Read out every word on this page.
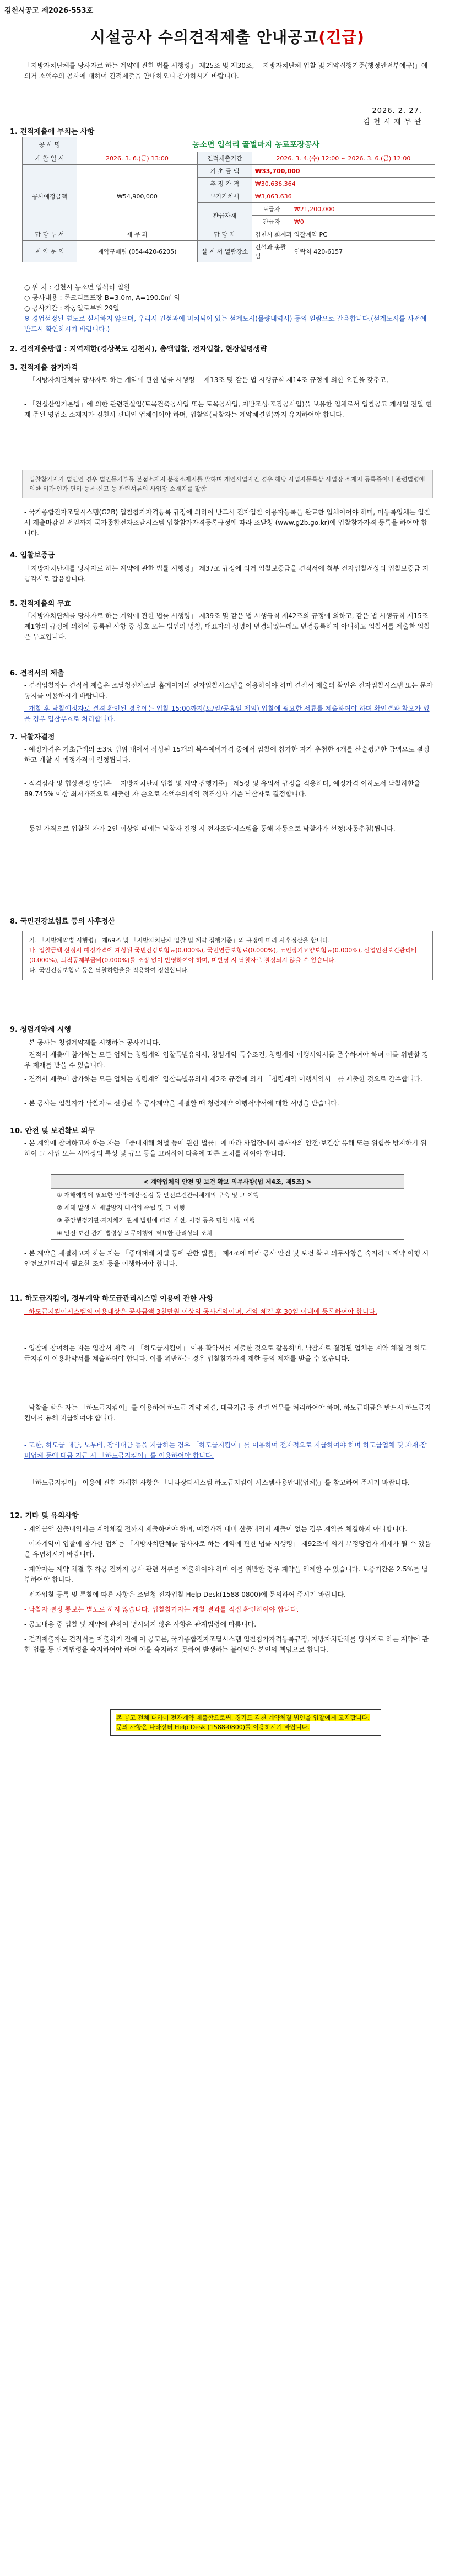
김천시공고 제2026-553호
시설공사 수의견적제출 안내공고(긴급)
「지방자치단체를 당사자로 하는 계약에 관한 법률 시행령」 제25조 및 제30조, 「지방자치단체 입찰 및 계약집행기준(행정안전부예규)」에 의거 소액수의 공사에 대하여 견적제출을 안내하오니 참가하시기 바랍니다.
2026. 2. 27.
김 천 시 재 무 관
1. 견적제출에 부치는 사항
공 사 명	농소면 입석리 꿀벌마지 농로포장공사			
개 찰 일 시	2026. 3. 6.(금) 13:00	견적제출기간	2026. 3. 4.(수) 12:00 ~ 2026. 3. 6.(금) 12:00	
공사예정금액	₩54,900,000	기 초 금 액	₩33,700,000	
		추 정 가 격	₩30,636,364	
		부가가치세	₩3,063,636	
		관급자재	도급자	₩21,200,000
			관급자	₩0
담 당 부 서	재 무 과	담 당 자	김천시 회계과 입찰계약 PC	
계 약 문 의	계약구매팀 (054-420-6205)	설 계 서 열람장소	건설과 총괄팀	연락처 420-6157
○ 위 치 : 김천시 농소면 입석리 일원
○ 공사내용 : 콘크리트포장 B=3.0m, A=190.0㎥ 외
○ 공사기간 : 착공일로부터 29일
※ 경업설정된 별도로 실시하지 않으며, 우리시 건설과에 비치되어 있는 설계도서(물량내역서) 등의 열람으로 갈음합니다.(설계도서를 사전에 반드시 확인하시기 바랍니다.)
2. 견적제출방법 : 지역제한(경상북도 김천시), 총액입찰, 전자입찰, 현장설명생략
3. 견적제출 참가자격
- 「지방자치단체를 당사자로 하는 계약에 관한 법률 시행령」 제13조 및 같은 법 시행규칙 제14조 규정에 의한 요건을 갖추고,
- 「건설산업기본법」에 의한 관련건설업(토목건축공사업 또는 토목공사업, 지반조성·포장공사업)을 보유한 업체로서 입찰공고 게시일 전일 현재 주된 영업소 소재지가 김천시 관내인 업체이어야 하며, 입찰일(낙찰자는 계약체결일)까지 유지하여야 합니다.
입찰참가자가 법인인 경우 법인등기부등 본점소재지 분점소재지를 말하며 개인사업자인 경우 해당 사업자등록상 사업장 소재지 등록증이나 관련법령에 의한 허가·인가·면허·등록·신고 등 관련서류의 사업장 소재지를 말함
- 국가종합전자조달시스템(G2B) 입찰참가자격등록 규정에 의하여 반드시 전자입찰 이용자등록을 완료한 업체이어야 하며, 미등록업체는 입찰서 제출마감일 전일까지 국가종합전자조달시스템 입찰참가자격등록규정에 따라 조달청 (www.g2b.go.kr)에 입찰참가자격 등록을 하여야 합니다.
4. 입찰보증금
「지방자치단체를 당사자로 하는 계약에 관한 법률 시행령」 제37조 규정에 의거 입찰보증금을 견적서에 첨부 전자입찰서상의 입찰보증금 지급각서로 갈음합니다.
5. 견적제출의 무효
「지방자치단체를 당사자로 하는 계약에 관한 법률 시행령」 제39조 및 같은 법 시행규칙 제42조의 규정에 의하고, 같은 법 시행규칙 제15조 제1항의 규정에 의하여 등록된 사항 중 상호 또는 법인의 명칭, 대표자의 성명이 변경되었는데도 변경등록하지 아니하고 입찰서를 제출한 입찰은 무효입니다.
6. 견적서의 제출
- 견적입찰자는 견적서 제출은 조달청전자조달 홈페이지의 전자입찰시스템을 이용하여야 하며 견적서 제출의 확인은 전자입찰시스템 또는 문자통지를 이용하시기 바랍니다.
- 개찰 후 낙찰예정자로 결격 확인된 경우에는 입찰 15:00까지(토/일/공휴일 제외) 입찰에 필요한 서류를 제출하여야 하며 확인결과 착오가 있을 경우 입찰무효로 처리합니다.
7. 낙찰자결정
- 예정가격은 기초금액의 ±3% 범위 내에서 작성된 15개의 복수예비가격 중에서 입찰에 참가한 자가 추첨한 4개를 산술평균한 금액으로 결정하고 개찰 시 예정가격이 결정됩니다.
- 적격심사 및 협상결정 방법은 「지방자치단체 입찰 및 계약 집행기준」 제5장 및 유의서 규정을 적용하며, 예정가격 이하로서 낙찰하한율 89.745% 이상 최저가격으로 제출한 자 순으로 소액수의계약 적격심사 기준 낙찰자로 결정합니다.
- 동일 가격으로 입찰한 자가 2인 이상일 때에는 낙찰자 결정 시 전자조달시스템을 통해 자동으로 낙찰자가 선정(자동추첨)됩니다.
8. 국민건강보험료 등의 사후정산
가. 「지방계약법 시행령」 제69조 및 「지방자치단체 입찰 및 계약 집행기준」의 규정에 따라 사후정산을 합니다.
나. 입찰금액 산정시 예정가격에 계상된 국민건강보험료(0.000%), 국민연금보험료(0.000%), 노인장기요양보험료(0.000%), 산업안전보건관리비(0.000%), 퇴직공제부금비(0.000%)를 조정 없이 반영하여야 하며, 미반영 시 낙찰자로 결정되지 않을 수 있습니다.
다. 국민건강보험료 등은 낙찰하한율을 적용하여 정산합니다.
9. 청렴계약제 시행
- 본 공사는 청렴계약제를 시행하는 공사입니다.
- 견적서 제출에 참가하는 모든 업체는 청렴계약 입찰특별유의서, 청렴계약 특수조건, 청렴계약 이행서약서를 준수하여야 하며 이를 위반할 경우 제재를 받을 수 있습니다.
- 견적서 제출에 참가하는 모든 업체는 청렴계약 입찰특별유의서 제2조 규정에 의거 「청렴계약 이행서약서」를 제출한 것으로 간주합니다.
- 본 공사는 입찰자가 낙찰자로 선정된 후 공사계약을 체결할 때 청렴계약 이행서약서에 대한 서명을 받습니다.
10. 안전 및 보건확보 의무
- 본 계약에 참여하고자 하는 자는 「중대재해 처벌 등에 관한 법률」에 따라 사업장에서 종사자의 안전·보건상 유해 또는 위험을 방지하기 위하여 그 사업 또는 사업장의 특성 및 규모 등을 고려하여 다음에 따른 조치를 하여야 합니다.
< 계약업체의 안전 및 보건 확보 의무사항(법 제4조, 제5조) >
① 재해예방에 필요한 인력·예산·점검 등 안전보건관리체계의 구축 및 그 이행
② 재해 발생 시 재발방지 대책의 수립 및 그 이행
③ 중앙행정기관·지자체가 관계 법령에 따라 개선, 시정 등을 명한 사항 이행
④ 안전·보건 관계 법령상 의무이행에 필요한 관리상의 조치
- 본 계약을 체결하고자 하는 자는 「중대재해 처벌 등에 관한 법률」 제4조에 따라 공사 안전 및 보건 확보 의무사항을 숙지하고 계약 이행 시 안전보건관리에 필요한 조치 등을 이행하여야 합니다.
11. 하도급지킴이, 정부계약 하도급관리시스템 이용에 관한 사항
- 하도급지킴이시스템의 이용대상은 공사금액 3천만원 이상의 공사계약이며, 계약 체결 후 30일 이내에 등록하여야 합니다.
- 입찰에 참여하는 자는 입찰서 제출 시 「하도급지킴이」 이용 확약서를 제출한 것으로 갈음하며, 낙찰자로 결정된 업체는 계약 체결 전 하도급지킴이 이용확약서를 제출하여야 합니다. 이를 위반하는 경우 입찰참가자격 제한 등의 제재를 받을 수 있습니다.
- 낙찰을 받은 자는 「하도급지킴이」를 이용하여 하도급 계약 체결, 대금지급 등 관련 업무를 처리하여야 하며, 하도급대금은 반드시 하도급지킴이를 통해 지급하여야 합니다.
- 또한, 하도급 대금, 노무비, 장비대금 등을 지급하는 경우 「하도급지킴이」를 이용하여 전자적으로 지급하여야 하며 하도급업체 및 자재·장비업체 등에 대금 지급 시 「하도급지킴이」를 이용하여야 합니다.
- 「하도급지킴이」 이용에 관한 자세한 사항은 「나라장터시스템-하도급지킴이-시스템사용안내(업체)」를 참고하여 주시기 바랍니다.
12. 기타 및 유의사항
- 계약금액 산출내역서는 계약체결 전까지 제출하여야 하며, 예정가격 대비 산출내역서 제출이 없는 경우 계약을 체결하지 아니합니다.
- 이자계약이 입찰에 참가한 업체는 「지방자치단체를 당사자로 하는 계약에 관한 법률 시행령」 제92조에 의거 부정당업자 제재가 될 수 있음을 유념하시기 바랍니다.
- 계약자는 계약 체결 후 착공 전까지 공사 관련 서류를 제출하여야 하며 이를 위반할 경우 계약을 해제할 수 있습니다. 보증기간은 2.5%를 납부하여야 합니다.
- 전자입찰 등록 및 투찰에 따른 사항은 조달청 전자입찰 Help Desk(1588-0800)에 문의하여 주시기 바랍니다.
- 낙찰자 결정 통보는 별도로 하지 않습니다. 입찰참가자는 개찰 결과를 직접 확인하여야 합니다.
- 공고내용 중 입찰 및 계약에 관하여 명시되지 않은 사항은 관계법령에 따릅니다.
- 견적제출자는 견적서를 제출하기 전에 이 공고문, 국가종합전자조달시스템 입찰참가자격등록규정, 지방자치단체를 당사자로 하는 계약에 관한 법률 등 관계법령을 숙지하여야 하며 이를 숙지하지 못하여 발생하는 불이익은 본인의 책임으로 합니다.
본 공고 전체 대하여 전자계약 제출함으로써, 경기도 김천 계약체결 법인을 입찰에게 고지합니다. 문의 사항은 나라장터 Help Desk (1588-0800)를 이용하시기 바랍니다.
